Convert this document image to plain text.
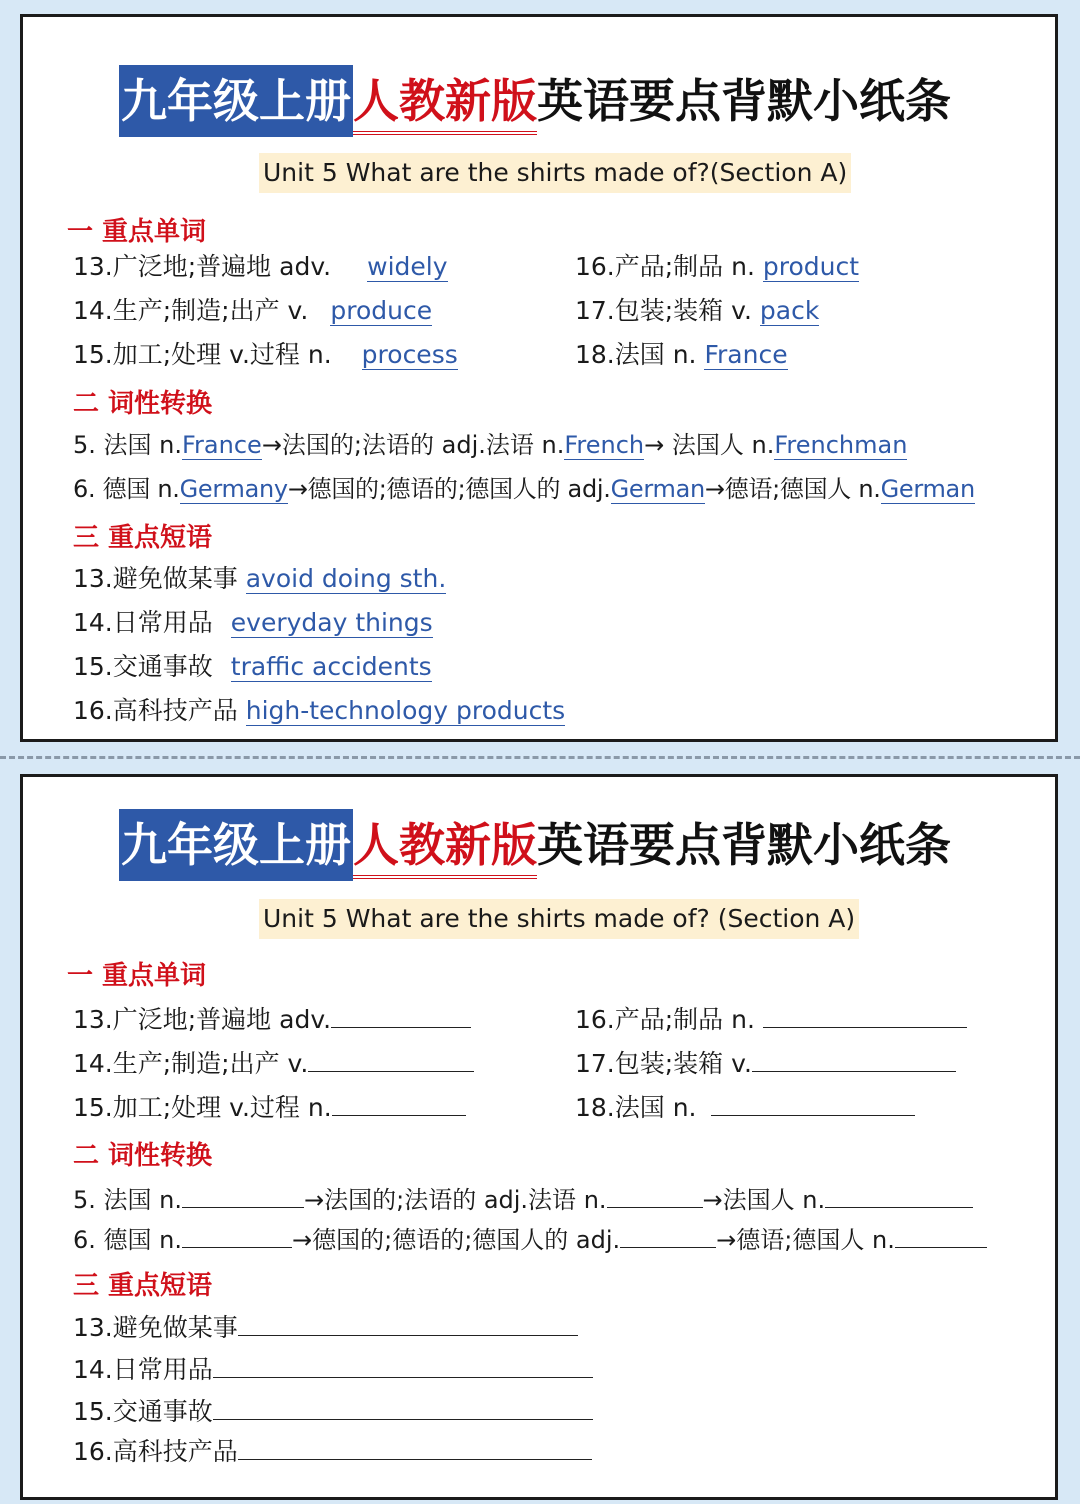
九年级上册人教新版英语要点背默小纸条
Unit 5 What are the shirts made of?(Section A)
一 重点单词
13.广泛地;普遍地 adv. widely
14.生产;制造;出产 v. produce
15.加工;处理 v.过程 n. process
16.产品;制品 n. product
17.包装;装箱 v. pack
18.法国 n. France
二 词性转换
5. 法国 n.France→法国的;法语的 adj.法语 n.French→ 法国人 n.Frenchman
6. 德国 n.Germany→德国的;德语的;德国人的 adj.German→德语;德国人 n.German
三 重点短语
13.避免做某事 avoid doing sth.
14.日常用品 everyday things
15.交通事故 traffic accidents
16.高科技产品 high-technology products
九年级上册人教新版英语要点背默小纸条
Unit 5 What are the shirts made of? (Section A)
一 重点单词
13.广泛地;普遍地 adv.
14.生产;制造;出产 v.
15.加工;处理 v.过程 n.
16.产品;制品 n.
17.包装;装箱 v.
18.法国 n.
二 词性转换
5. 法国 n.	→法国的;法语的 adj.法语 n.	→法国人 n.
6. 德国 n.	→德国的;德语的;德国人的 adj.	→德语;德国人 n.
三 重点短语
13.避免做某事
14.日常用品
15.交通事故
16.高科技产品
